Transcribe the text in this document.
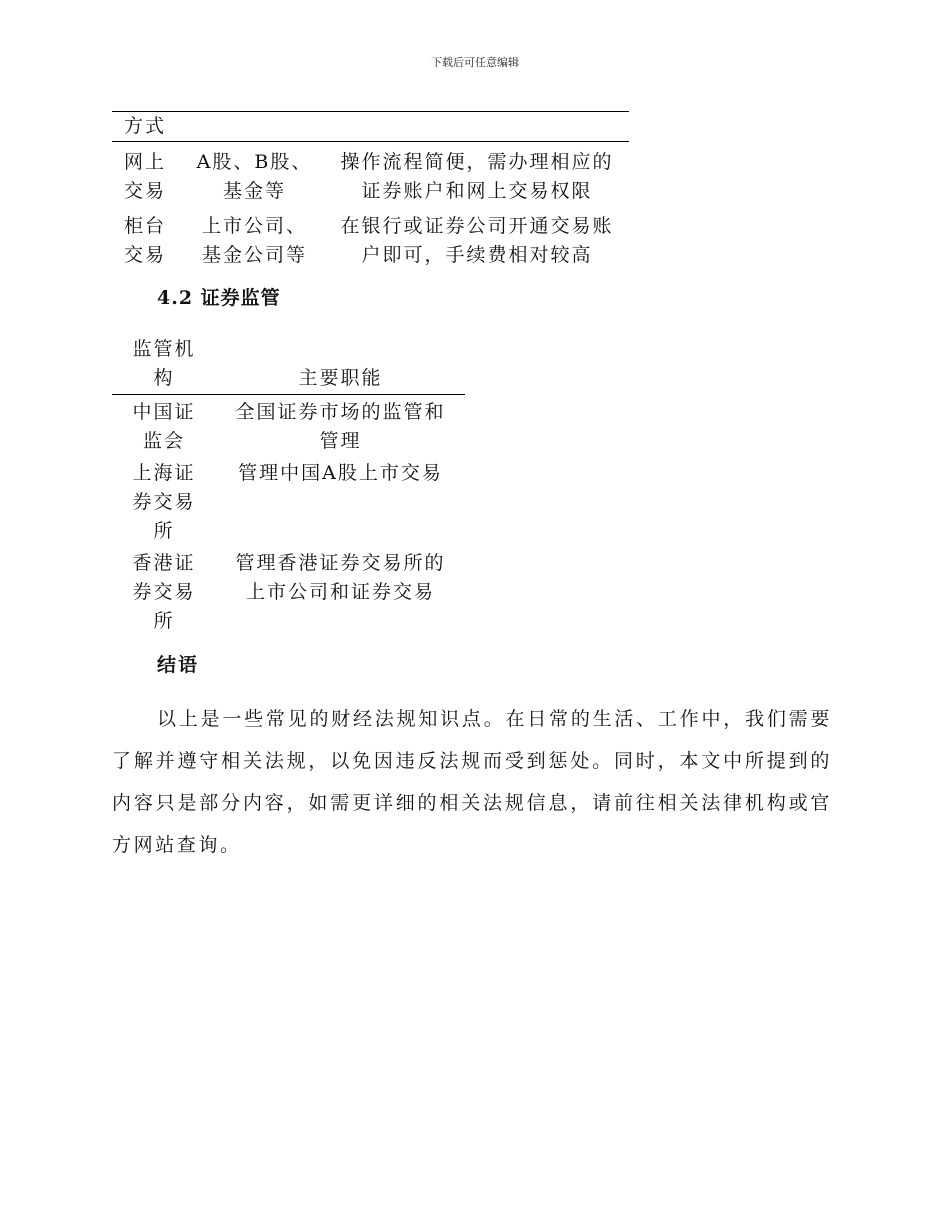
下载后可任意编辑
方式		

网上交易	A股、B股、基金等	操作流程简便，需办理相应的证券账户和网上交易权限

柜台交易	上市公司、基金公司等	在银行或证券公司开通交易账户即可，手续费相对较高
4.2 证券监管
监管机构	主要职能

中国证监会	全国证券市场的监管和管理

上海证券交易所	管理中国A股上市交易

香港证券交易所	管理香港证券交易所的上市公司和证券交易
结语
以上是一些常见的财经法规知识点。在日常的生活、工作中，我们需要了解并遵守相关法规，以免因违反法规而受到惩处。同时，本文中所提到的内容只是部分内容，如需更详细的相关法规信息，请前往相关法律机构或官方网站查询。
